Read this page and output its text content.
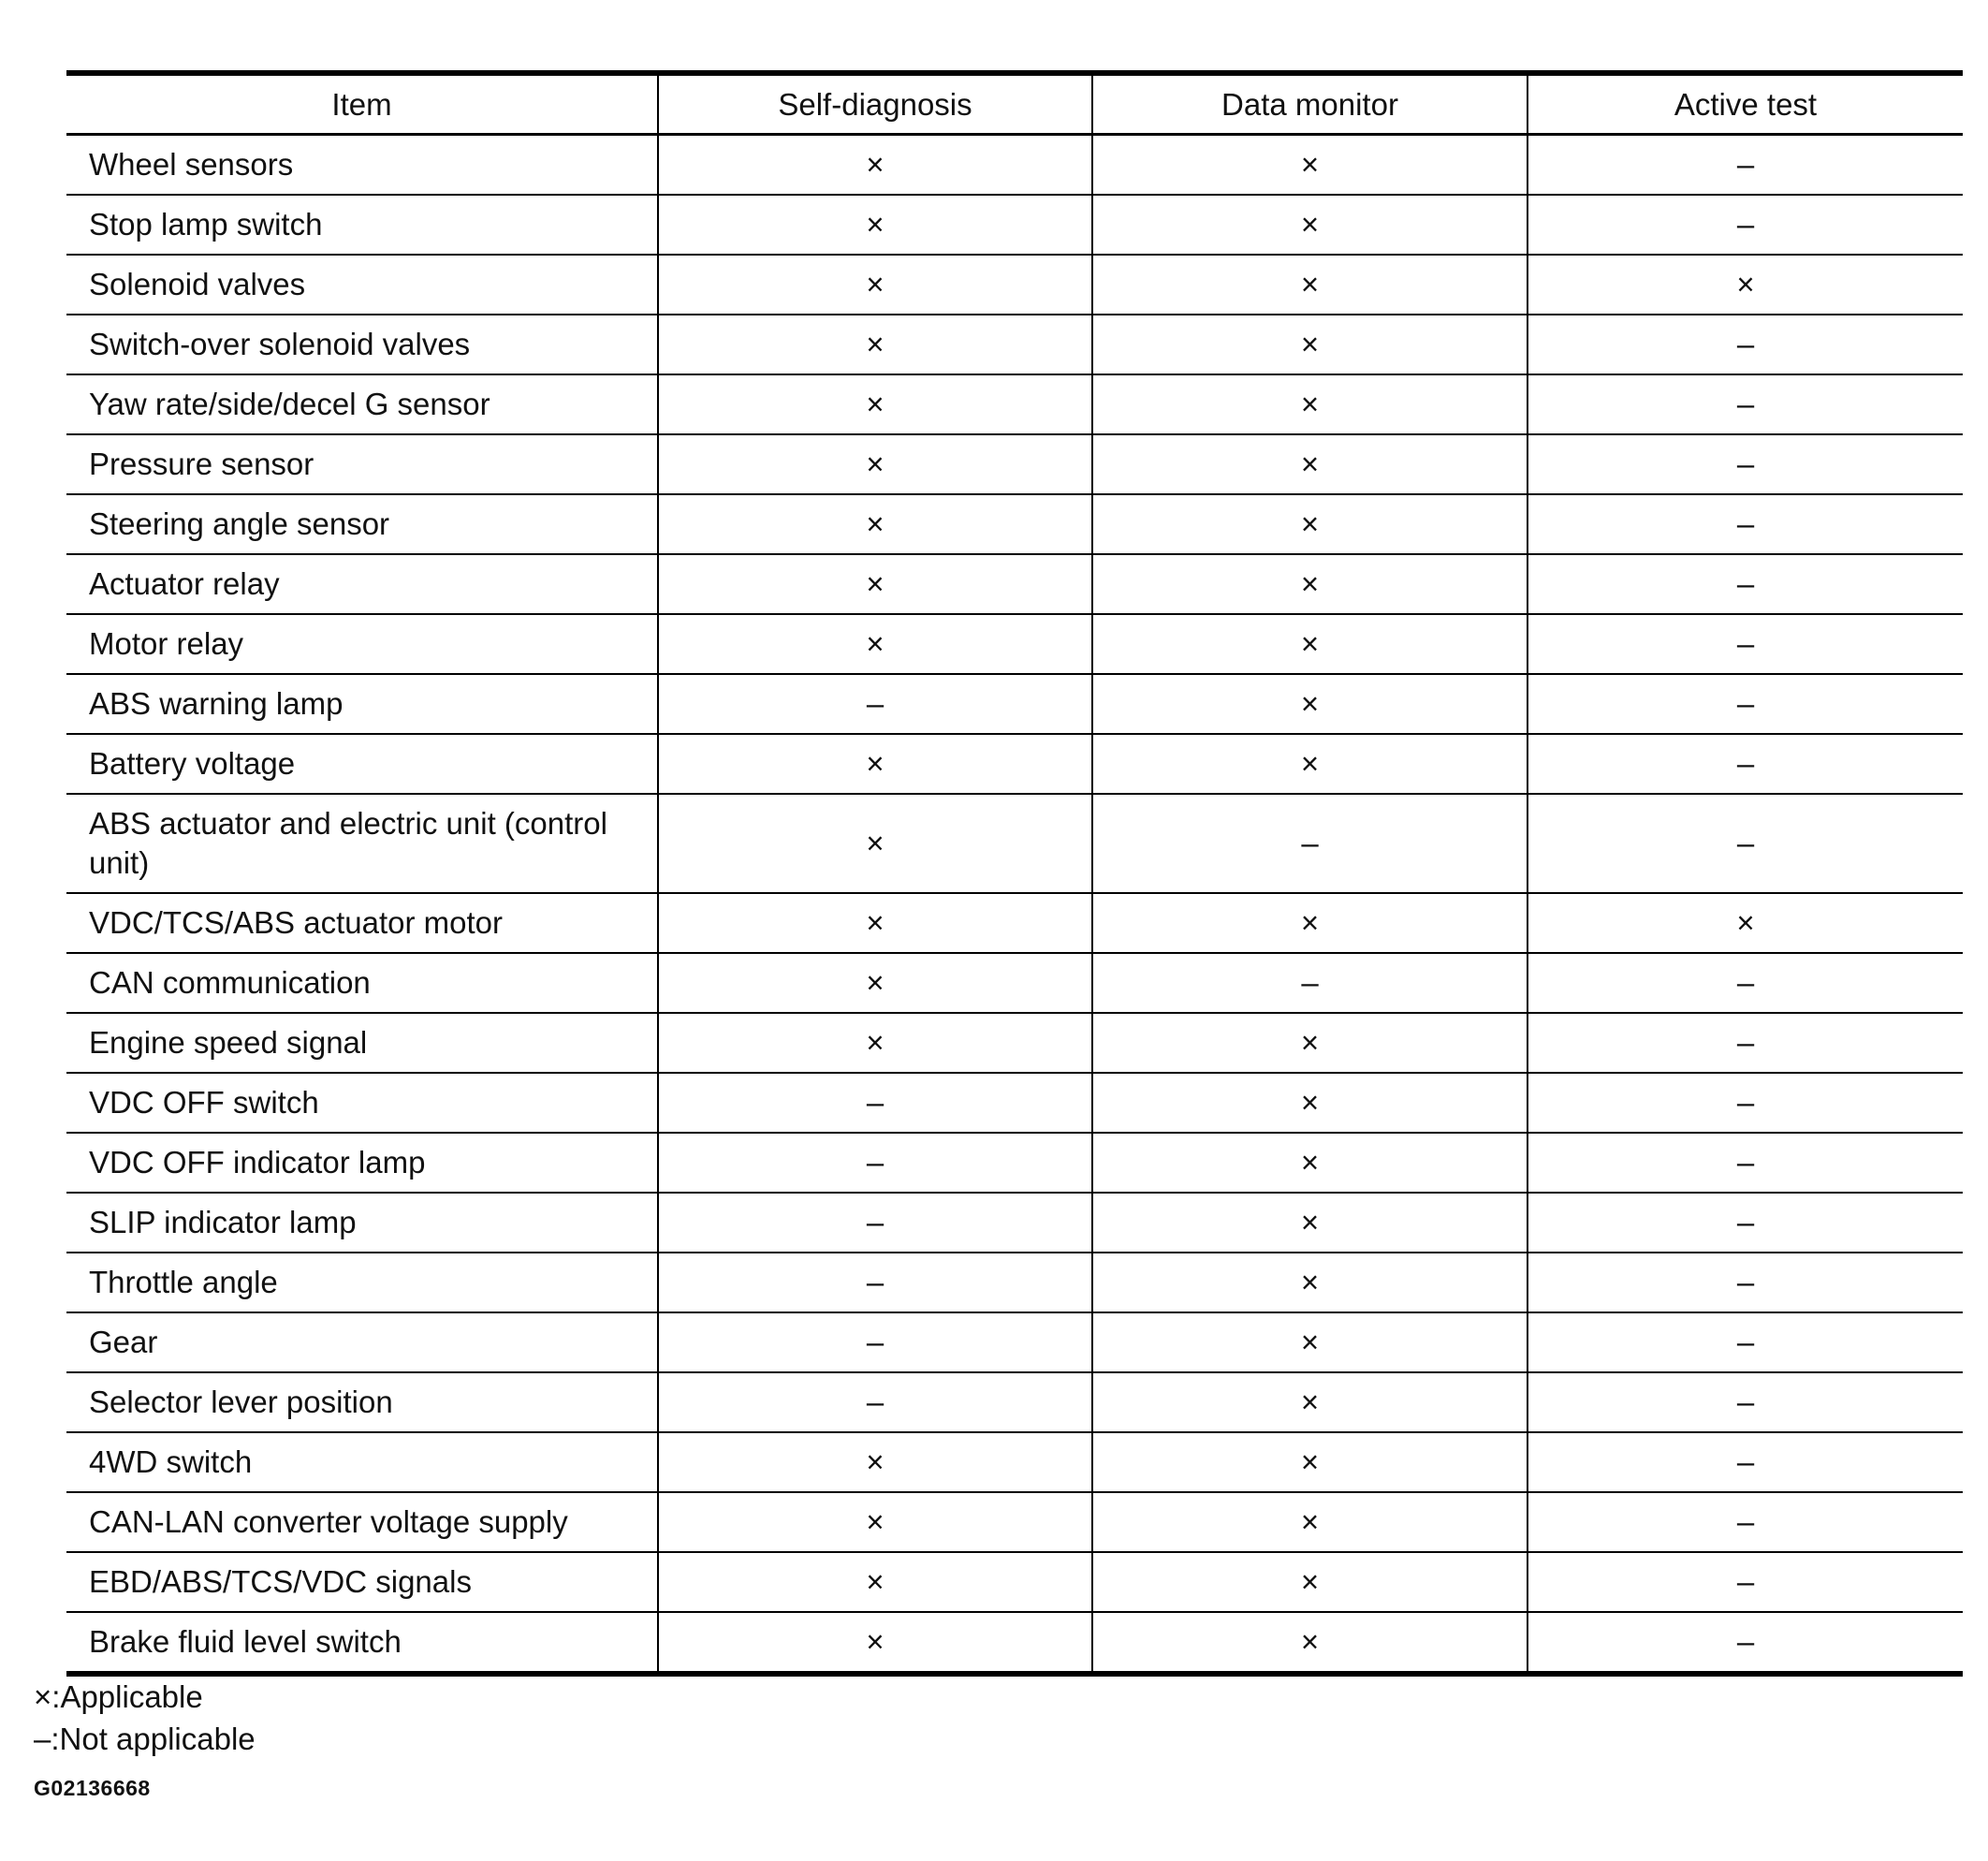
Item	Self-diagnosis	Data monitor	Active test
Wheel sensors	×	×	–
Stop lamp switch	×	×	–
Solenoid valves	×	×	×
Switch-over solenoid valves	×	×	–
Yaw rate/side/decel G sensor	×	×	–
Pressure sensor	×	×	–
Steering angle sensor	×	×	–
Actuator relay	×	×	–
Motor relay	×	×	–
ABS warning lamp	–	×	–
Battery voltage	×	×	–
ABS actuator and electric unit (control unit)	×	–	–
VDC/TCS/ABS actuator motor	×	×	×
CAN communication	×	–	–
Engine speed signal	×	×	–
VDC OFF switch	–	×	–
VDC OFF indicator lamp	–	×	–
SLIP indicator lamp	–	×	–
Throttle angle	–	×	–
Gear	–	×	–
Selector lever position	–	×	–
4WD switch	×	×	–
CAN-LAN converter voltage supply	×	×	–
EBD/ABS/TCS/VDC signals	×	×	–
Brake fluid level switch	×	×	–
×:Applicable
–:Not applicable
G02136668
